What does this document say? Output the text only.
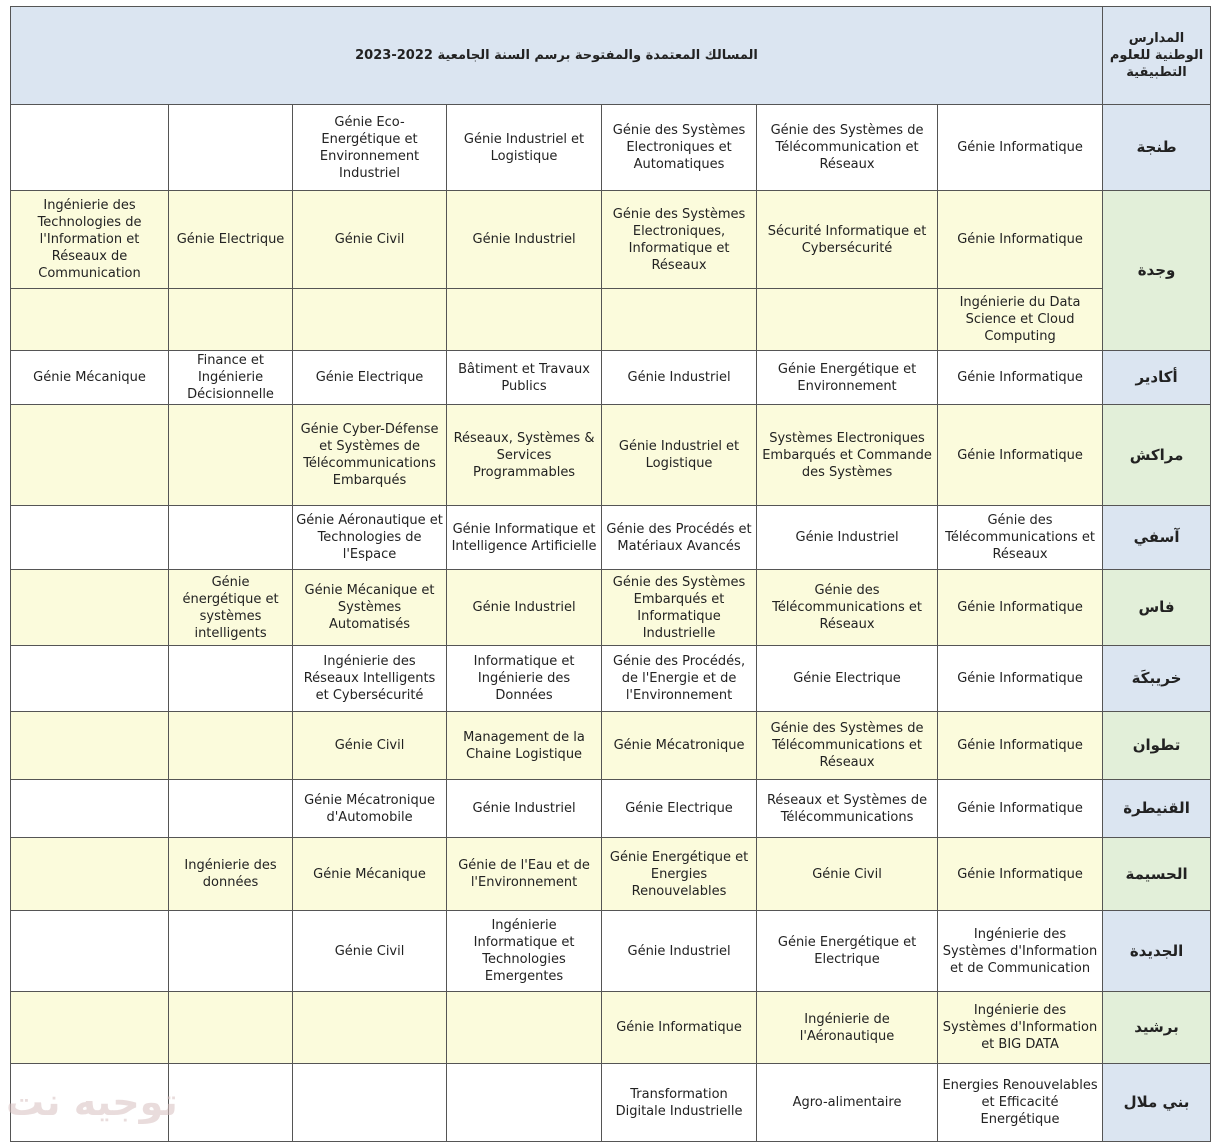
المدارس الوطنية للعلوم التطبيقية	المسالك المعتمدة والمفتوحة برسم السنة الجامعية 2022-2023						
طنجة	Génie Informatique	Génie des Systèmes de Télécommunication et Réseaux	Génie des Systèmes Electroniques et Automatiques	Génie Industriel et Logistique	Génie Eco-Energétique et Environnement Industriel		
وجدة	Génie Informatique	Sécurité Informatique et Cybersécurité	Génie des Systèmes Electroniques, Informatique et Réseaux	Génie Industriel	Génie Civil	Génie Electrique	Ingénierie des Technologies de l'Information et Réseaux de Communication
	Ingénierie du Data Science et Cloud Computing						
أكادير	Génie Informatique	Génie Energétique et Environnement	Génie Industriel	Bâtiment et Travaux Publics	Génie Electrique	Finance et Ingénierie Décisionnelle	Génie Mécanique
مراكش	Génie Informatique	Systèmes Electroniques Embarqués et Commande des Systèmes	Génie Industriel et Logistique	Réseaux, Systèmes & Services Programmables	Génie Cyber-Défense et Systèmes de Télécommunications Embarqués		
آسفي	Génie des Télécommunications et Réseaux	Génie Industriel	Génie des Procédés et Matériaux Avancés	Génie Informatique et Intelligence Artificielle	Génie Aéronautique et Technologies de l'Espace		
فاس	Génie Informatique	Génie des Télécommunications et Réseaux	Génie des Systèmes Embarqués et Informatique Industrielle	Génie Industriel	Génie Mécanique et Systèmes Automatisés	Génie énergétique et systèmes intelligents	
خريبكَة	Génie Informatique	Génie Electrique	Génie des Procédés, de l'Energie et de l'Environnement	Informatique et Ingénierie des Données	Ingénierie des Réseaux Intelligents et Cybersécurité		
تطوان	Génie Informatique	Génie des Systèmes de Télécommunications et Réseaux	Génie Mécatronique	Management de la Chaine Logistique	Génie Civil		
القنيطرة	Génie Informatique	Réseaux et Systèmes de Télécommunications	Génie Electrique	Génie Industriel	Génie Mécatronique d'Automobile		
الحسيمة	Génie Informatique	Génie Civil	Génie Energétique et Energies Renouvelables	Génie de l'Eau et de l'Environnement	Génie Mécanique	Ingénierie des données	
الجديدة	Ingénierie des Systèmes d'Information et de Communication	Génie Energétique et Electrique	Génie Industriel	Ingénierie Informatique et Technologies Emergentes	Génie Civil		
برشيد	Ingénierie des Systèmes d'Information et BIG DATA	Ingénierie de l'Aéronautique	Génie Informatique				
بني ملال	Energies Renouvelables et Efficacité Energétique	Agro-alimentaire	Transformation Digitale Industrielle				
توجيه نت
